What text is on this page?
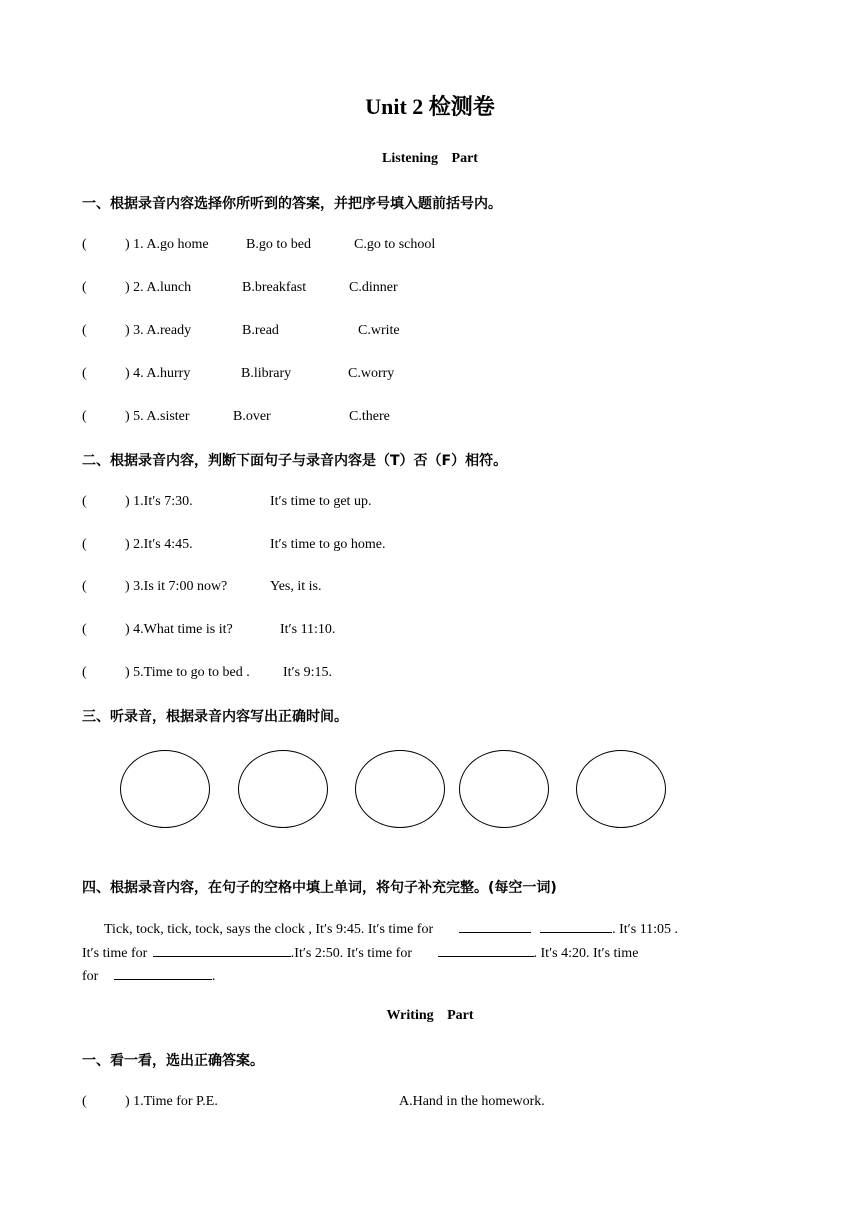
Unit 2 检测卷
Listening Part
一、根据录音内容选择你所听到的答案，并把序号填入题前括号内。
(	) 1. A.go home	B.go to bed	C.go to school
(	) 2. A.lunch	B.breakfast	C.dinner
(	) 3. A.ready	B.read	C.write
(	) 4. A.hurry	B.library	C.worry
(	) 5. A.sister	B.over	C.there
二、根据录音内容，判断下面句子与录音内容是（T）否（F）相符。
(	) 1.It′s 7:30.	It′s time to get up.
(	) 2.It′s 4:45.	It′s time to go home.
(	) 3.Is it 7:00 now?	Yes, it is.
(	) 4.What time is it?	It′s 11:10.
(	) 5.Time to go to bed . It′s 9:15.
三、听录音，根据录音内容写出正确时间。
四、根据录音内容，在句子的空格中填上单词，将句子补充完整。(每空一词)
Tick, tock, tick, tock, says the clock , It′s 9:45. It′s time for	. It′s 11:05 .
It′s time for	.It′s 2:50. It′s time for	. It′s 4:20. It′s time
for	.
Writing Part
一、看一看，选出正确答案。
(	) 1.Time for P.E.	A.Hand in the homework.
